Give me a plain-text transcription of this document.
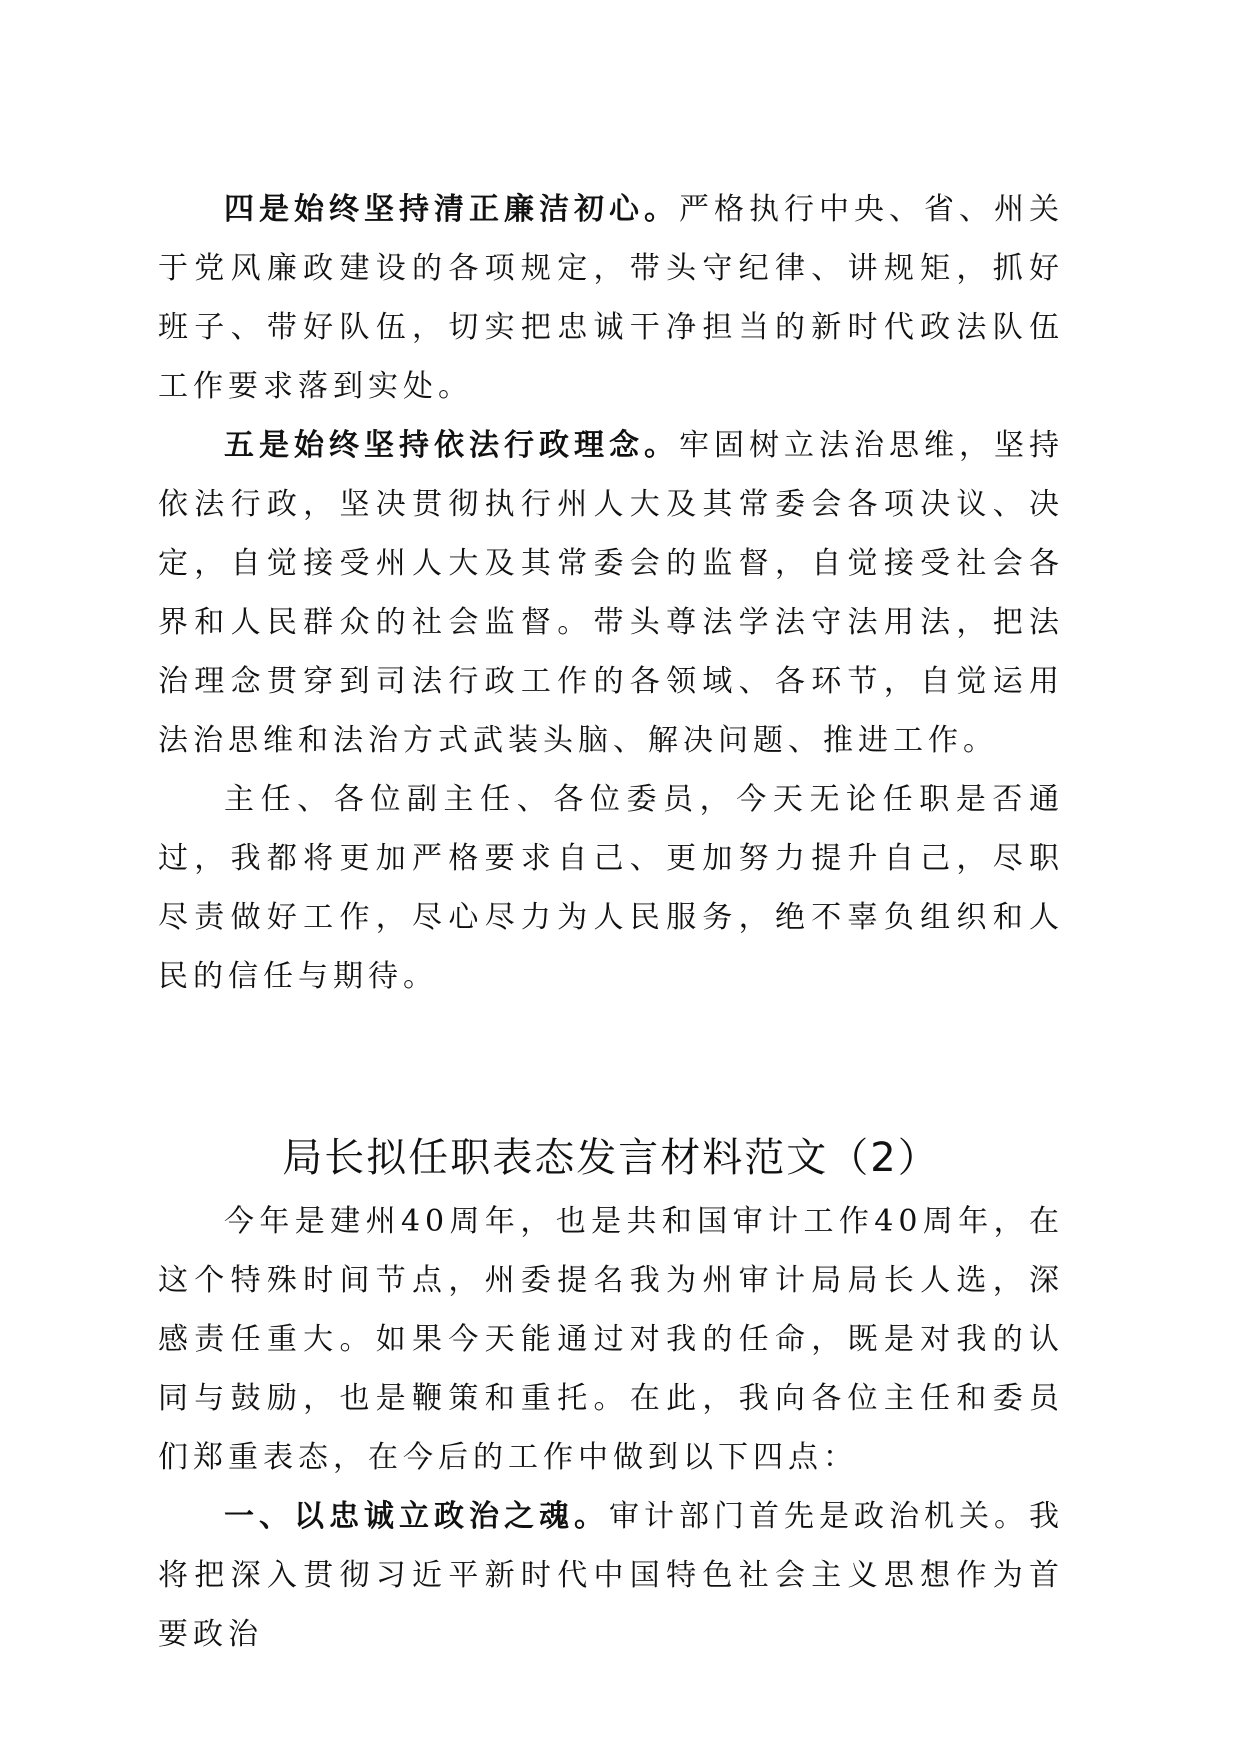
四是始终坚持清正廉洁初心。严格执行中央、省、州关于党风廉政建设的各项规定，带头守纪律、讲规矩，抓好班子、带好队伍，切实把忠诚干净担当的新时代政法队伍工作要求落到实处。

五是始终坚持依法行政理念。牢固树立法治思维，坚持依法行政，坚决贯彻执行州人大及其常委会各项决议、决定，自觉接受州人大及其常委会的监督，自觉接受社会各界和人民群众的社会监督。带头尊法学法守法用法，把法治理念贯穿到司法行政工作的各领域、各环节，自觉运用法治思维和法治方式武装头脑、解决问题、推进工作。

主任、各位副主任、各位委员，今天无论任职是否通过，我都将更加严格要求自己、更加努力提升自己，尽职尽责做好工作，尽心尽力为人民服务，绝不辜负组织和人民的信任与期待。

局长拟任职表态发言材料范文（2）

今年是建州40周年，也是共和国审计工作40周年，在这个特殊时间节点，州委提名我为州审计局局长人选，深感责任重大。如果今天能通过对我的任命，既是对我的认同与鼓励，也是鞭策和重托。在此，我向各位主任和委员们郑重表态，在今后的工作中做到以下四点：

一、以忠诚立政治之魂。审计部门首先是政治机关。我将把深入贯彻习近平新时代中国特色社会主义思想作为首要政治
